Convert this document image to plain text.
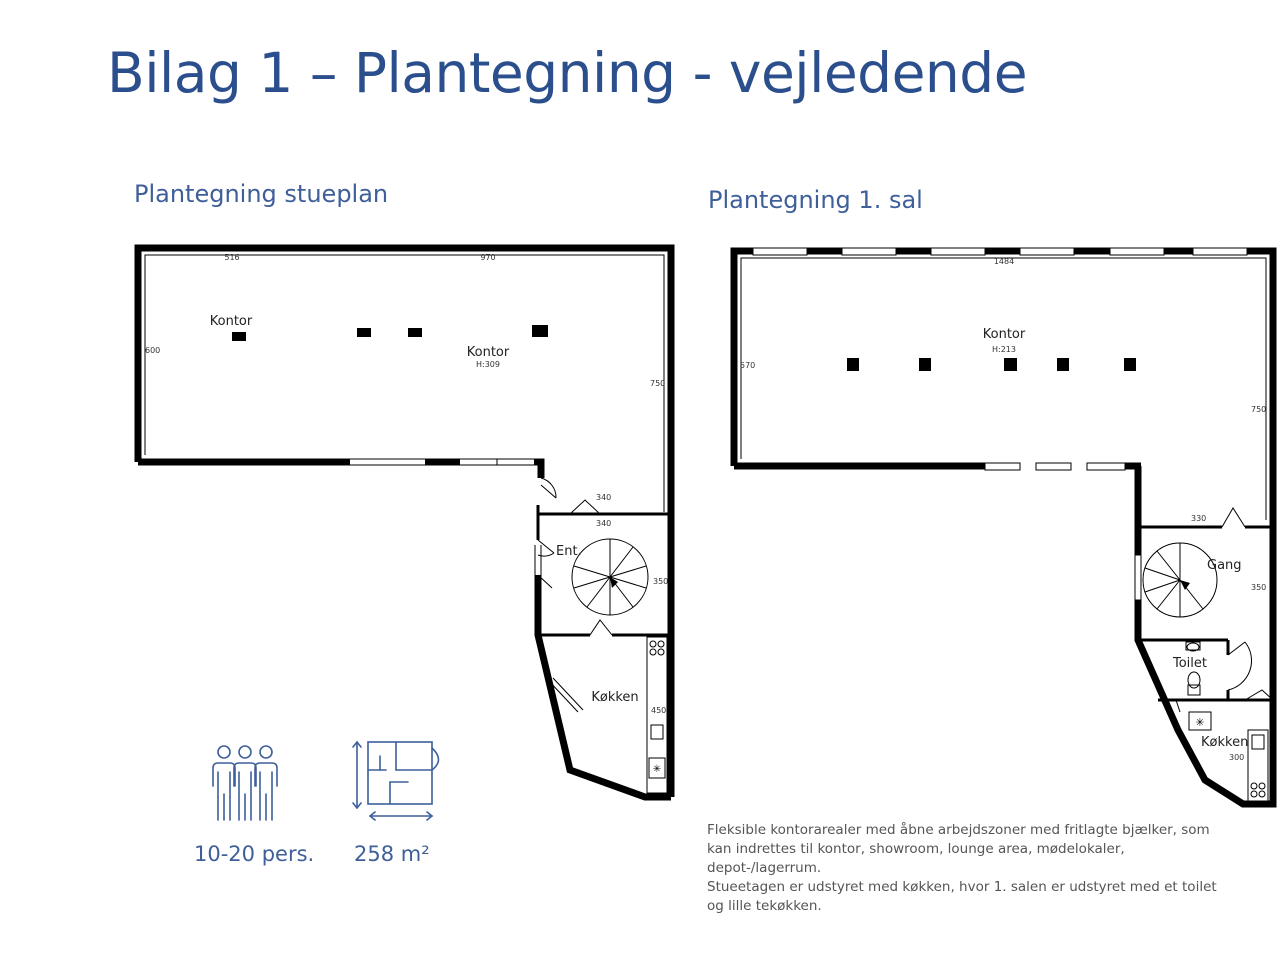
Bilag 1 – Plantegning - vejledende
Plantegning stueplan	Plantegning 1. sal
✳
Kontor
Kontor
H:309
Ent.
Køkken
516	970
600
750
340
340
350
450
✳
Kontor
H:213
Gang
Toilet
Køkken
1484
570
750
330
350
300
10-20 pers. 258 m²

Fleksible kontorarealer med åbne arbejdszoner med fritlagte bjælker, som kan indrettes til kontor, showroom, lounge area, mødelokaler, depot-/lagerrum.

Stueetagen er udstyret med køkken, hvor 1. salen er udstyret med et toilet og lille tekøkken.
